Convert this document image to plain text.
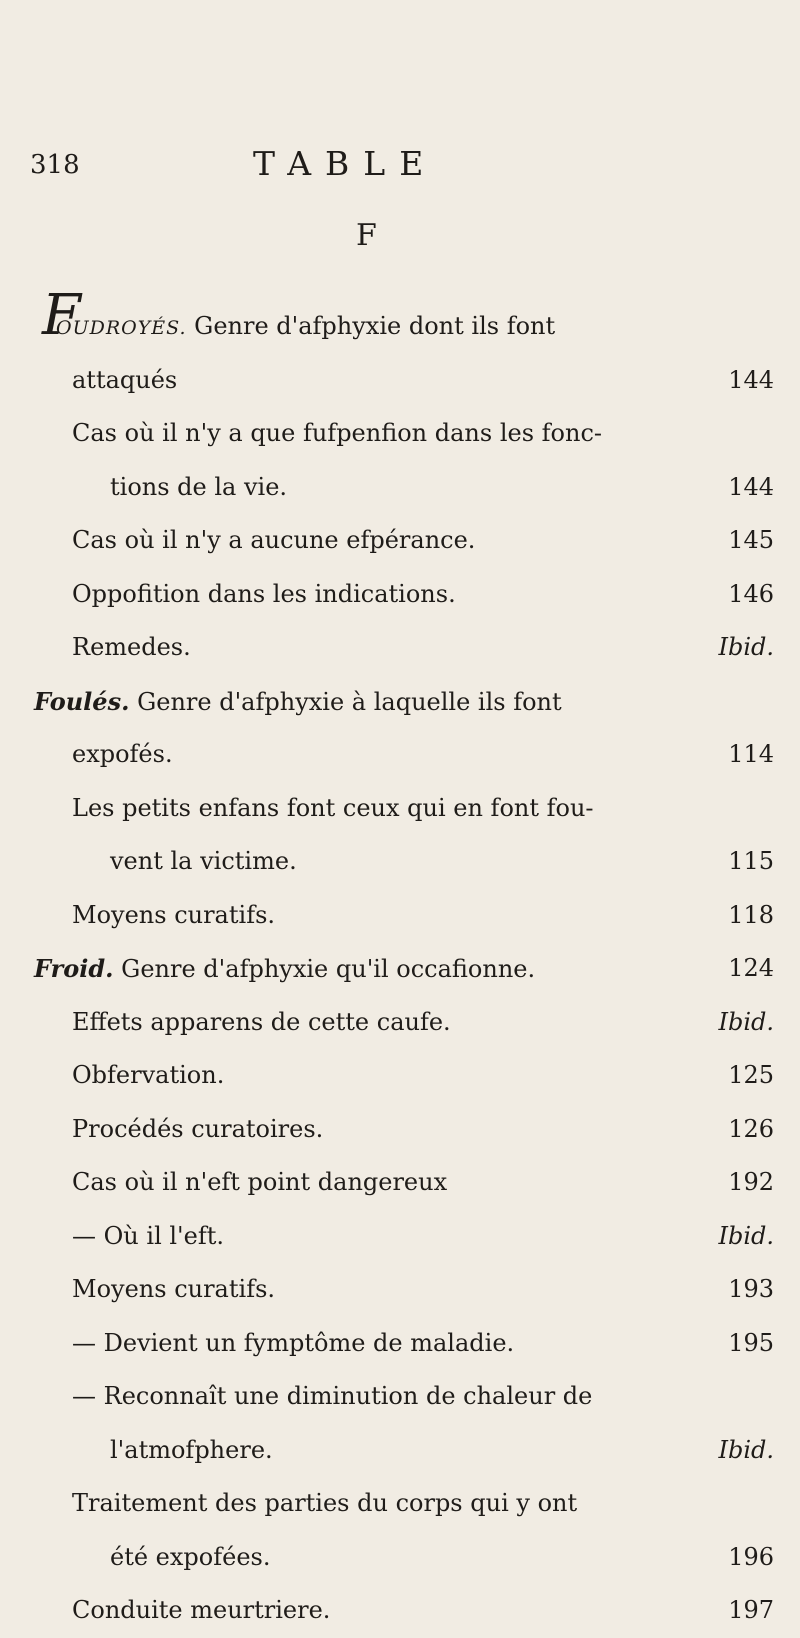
318	TABLE
F
F
OUDROYÉS. Genre d'afphyxie dont ils font
attaqués	144
Cas où il n'y a que fufpenfion dans les fonc-
tions de la vie.	144
Cas où il n'y a aucune efpérance.	145
Oppofition dans les indications.	146
Remedes.	Ibid.
Foulés. Genre d'afphyxie à laquelle ils font
expofés.	114
Les petits enfans font ceux qui en font fou-
vent la victime.	115
Moyens curatifs.	118
Froid. Genre d'afphyxie qu'il occafionne.	124
Effets apparens de cette caufe.	Ibid.
Obfervation.	125
Procédés curatoires.	126
Cas où il n'eft point dangereux	192
— Où il l'eft.	Ibid.
Moyens curatifs.	193
— Devient un fymptôme de maladie.	195
— Reconnaît une diminution de chaleur de
l'atmofphere.	Ibid.
Traitement des parties du corps qui y ont
été expofées.	196
Conduite meurtriere.	197
